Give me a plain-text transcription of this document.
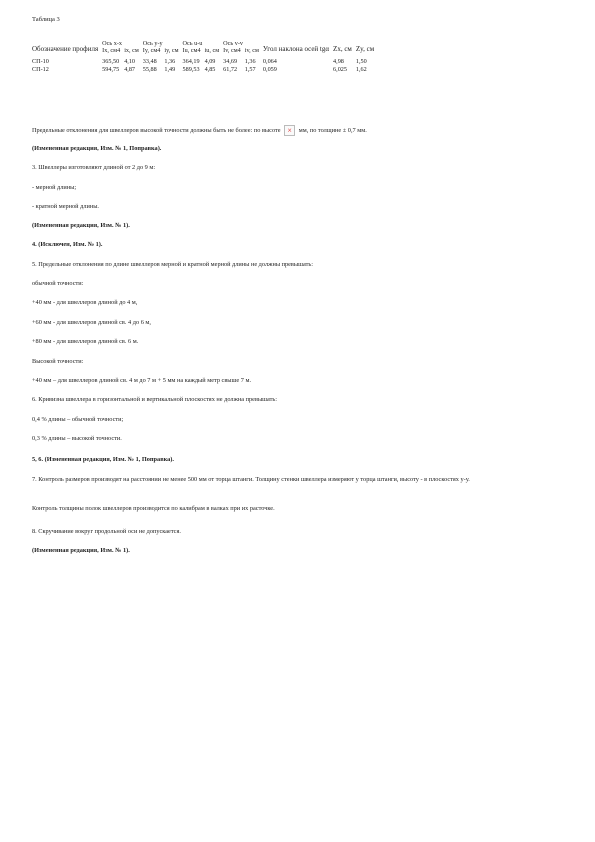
Таблица 3
Обозначение профиля	Ось x-x		Ось y-y		Ось u-u		Ось v-v		Угол наклона осей tgα	Zx, см	Zy, см
	Ix, см4	ix, см	Iy, см4	iy, см	Iu, см4	iu, см	Iv, см4	iv, см			
СП-10	365,50	4,10	33,48	1,36	364,19	4,09	34,69	1,36	0,064	4,98	1,50
СП-12	594,75	4,87	55,88	1,49	589,53	4,85	61,72	1,57	0,059	6,025	1,62
Предельные отклонения для швеллеров высокой точности должны быть не более: по высоте ×	мм, по толщине ± 0,7 мм.
(Измененная редакция, Изм. № 1, Поправка).
3. Швеллеры изготовляют длиной от 2 до 9 м:
- мерной длины;
- кратной мерной длины.
(Измененная редакция, Изм. № 1).
4. (Исключен, Изм. № 1).
5. Предельные отклонения по длине швеллеров мерной и кратной мерной длины не должны превышать:
обычной точности:
+40 мм - для швеллеров длиной до 4 м,
+60 мм - для швеллеров длиной св. 4 до 6 м,
+80 мм - для швеллеров длиной св. 6 м.
Высокой точности:
+40 мм – для швеллеров длиной св. 4 м до 7 м + 5 мм на каждый метр свыше 7 м.
6. Кривизна швеллера в горизонтальной и вертикальной плоскостях не должна превышать:
0,4 % длины – обычной точности;
0,3 % длины – высокой точности.
5, 6. (Измененная редакция, Изм. № 1, Поправка).
7. Контроль размеров производят на расстоянии не менее 500 мм от торца штанги. Толщину стенки швеллера измеряют у торца штанги, высоту - в плоскостях у-у.
Контроль толщины полок швеллеров производится по калибрам в валках при их расточке.
8. Скручивание вокруг продольной оси не допускается.
(Измененная редакция, Изм. № 1).
